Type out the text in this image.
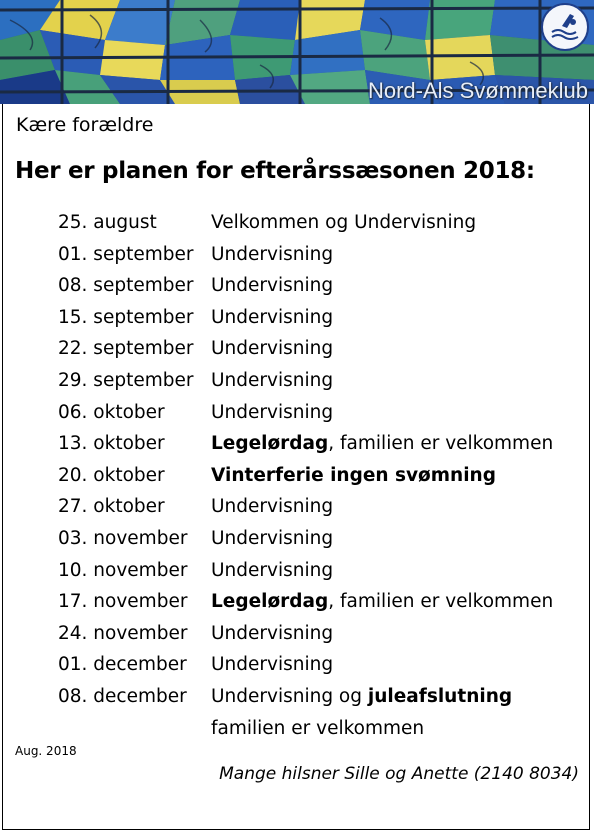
Nord-Als Svømmeklub
Kære forældre
Her er planen for efterårssæsonen 2018:
25. august	Velkommen og Undervisning
01. september Undervisning
08. september Undervisning
15. september Undervisning
22. september Undervisning
29. september Undervisning
06. oktober	Undervisning
13. oktober	Legelørdag, familien er velkommen
20. oktober	Vinterferie ingen svømning
27. oktober	Undervisning
03. november Undervisning
10. november Undervisning
17. november Legelørdag, familien er velkommen
24. november Undervisning
01. december Undervisning
08. december Undervisning og juleafslutning
familien er velkommen
Aug. 2018
Mange hilsner Sille og Anette (2140 8034)
